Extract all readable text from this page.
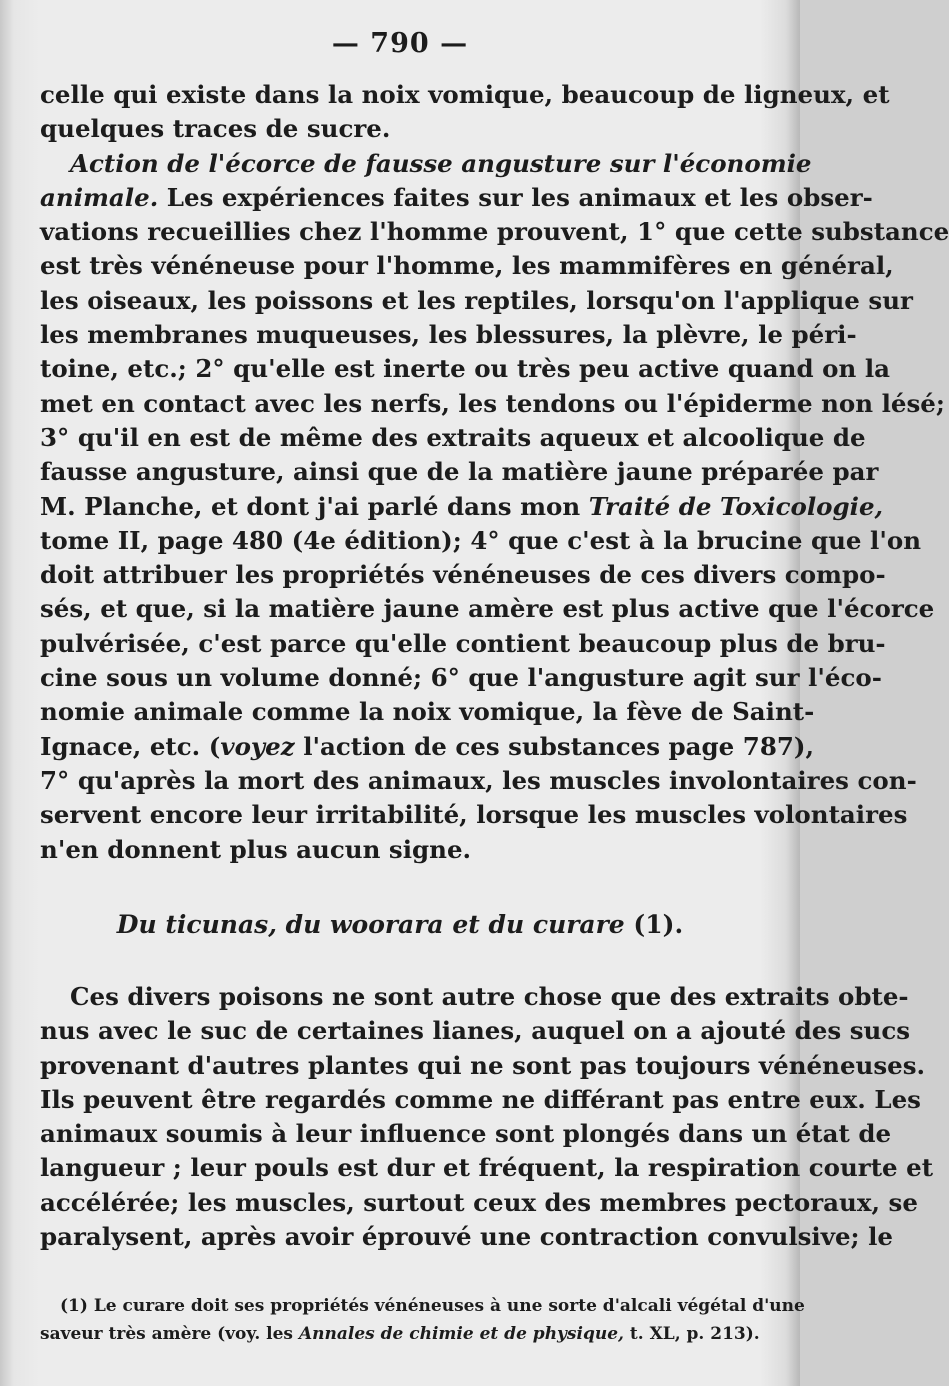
— 790 —
celle qui existe dans la noix vomique, beaucoup de ligneux, et
quelques traces de sucre.
Action de l'écorce de fausse angusture sur l'économie
animale. Les expériences faites sur les animaux et les obser-
vations recueillies chez l'homme prouvent, 1° que cette substance
est très vénéneuse pour l'homme, les mammifères en général,
les oiseaux, les poissons et les reptiles, lorsqu'on l'applique sur
les membranes muqueuses, les blessures, la plèvre, le péri-
toine, etc.; 2° qu'elle est inerte ou très peu active quand on la
met en contact avec les nerfs, les tendons ou l'épiderme non lésé;
3° qu'il en est de même des extraits aqueux et alcoolique de
fausse angusture, ainsi que de la matière jaune préparée par
M. Planche, et dont j'ai parlé dans mon Traité de Toxicologie,
tome II, page 480 (4e édition); 4° que c'est à la brucine que l'on
doit attribuer les propriétés vénéneuses de ces divers compo-
sés, et que, si la matière jaune amère est plus active que l'écorce
pulvérisée, c'est parce qu'elle contient beaucoup plus de bru-
cine sous un volume donné; 6° que l'angusture agit sur l'éco-
nomie animale comme la noix vomique, la fève de Saint-
Ignace, etc. (voyez l'action de ces substances page 787),
7° qu'après la mort des animaux, les muscles involontaires con-
servent encore leur irritabilité, lorsque les muscles volontaires
n'en donnent plus aucun signe.
Du ticunas, du woorara et du curare (1).
Ces divers poisons ne sont autre chose que des extraits obte-
nus avec le suc de certaines lianes, auquel on a ajouté des sucs
provenant d'autres plantes qui ne sont pas toujours vénéneuses.
Ils peuvent être regardés comme ne différant pas entre eux. Les
animaux soumis à leur influence sont plongés dans un état de
langueur ; leur pouls est dur et fréquent, la respiration courte et
accélérée; les muscles, surtout ceux des membres pectoraux, se
paralysent, après avoir éprouvé une contraction convulsive; le
(1) Le curare doit ses propriétés vénéneuses à une sorte d'alcali végétal d'une
saveur très amère (voy. les Annales de chimie et de physique, t. XL, p. 213).
